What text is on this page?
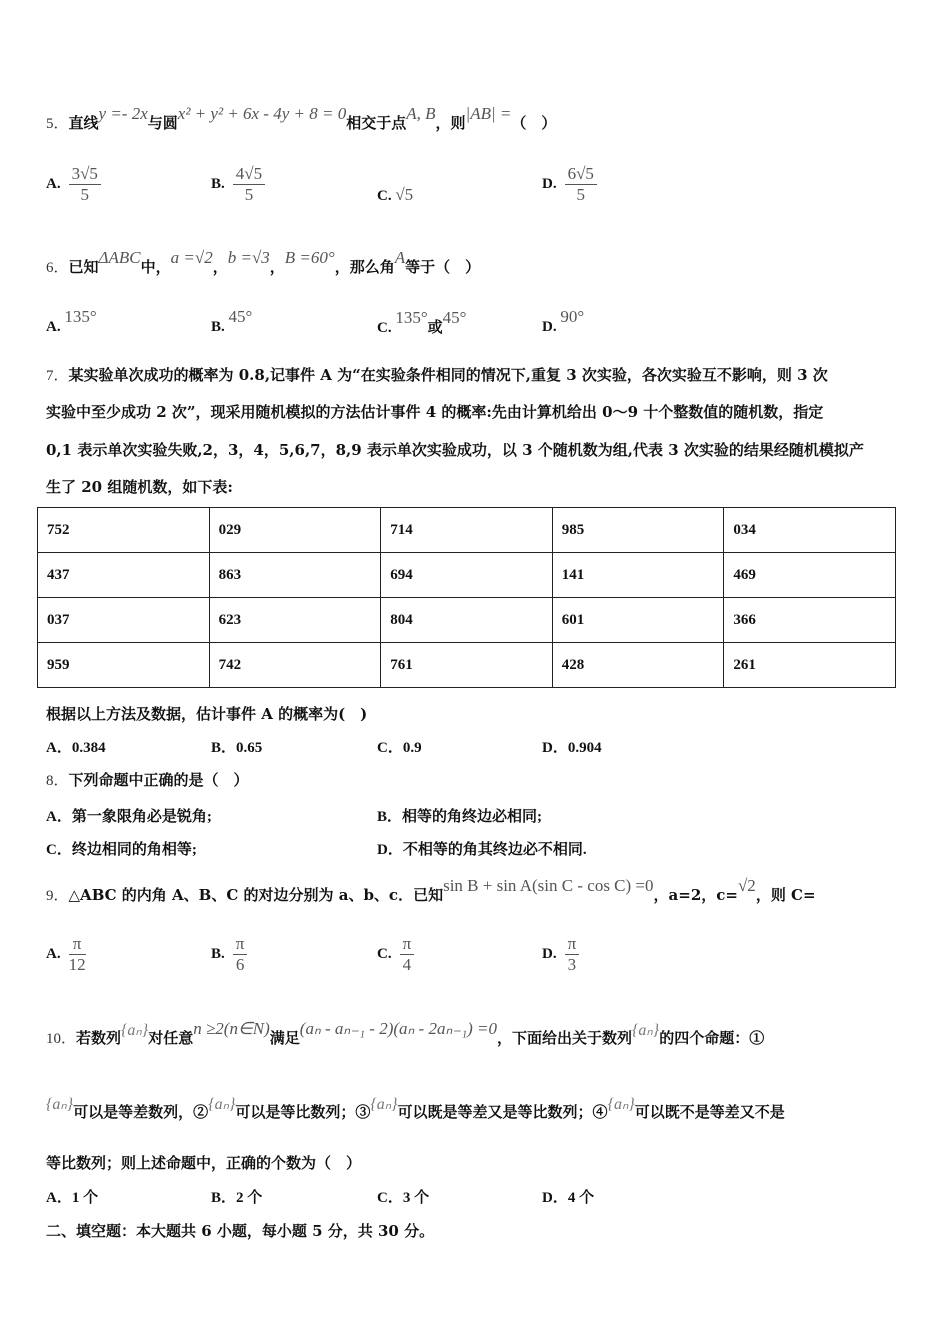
5．直线y =- 2x与圆x² + y² + 6x - 4y + 8 = 0相交于点A, B，则|AB| =（　）
A. $\frac{3√5}{5}$	B. $\frac{4√5}{5}$	C. √5
D. $\frac{6√5}{5}$
6．已知ΔABC中，a =√2，b =√3，B =60°，那么角A等于（　）
A. 135°
B. 45°
C. 135°或45°	D. 90°
7．某实验单次成功的概率为 0.8,记事件 A 为“在实验条件相同的情况下,重复 3 次实验，各次实验互不影响，则 3 次
实验中至少成功 2 次”，现采用随机模拟的方法估计事件 4 的概率:先由计算机给出 0～9 十个整数值的随机数，指定
0,1 表示单次实验失败,2，3，4，5,6,7，8,9 表示单次实验成功，以 3 个随机数为组,代表 3 次实验的结果经随机模拟产
生了 20 组随机数，如下表:
752	029	714	985	034
437	863	694	141	469
037	623	804	601	366
959	742	761	428	261
根据以上方法及数据，估计事件 A 的概率为(　)
A．0.384	B．0.65	C．0.9	D．0.904
8．下列命题中正确的是（　）
A．第一象限角必是锐角;	B．相等的角终边必相同;
C．终边相同的角相等;	D．不相等的角其终边必不相同.
9．△ABC 的内角 A、B、C 的对边分别为 a、b、c．已知sin B + sin A(sin C - cos C) =0，a=2，c=√2，则 C=
A. $\frac{\pi}{12}$	B. $\frac{\pi}{6}$	C. $\frac{\pi}{4}$	D. $\frac{\pi}{3}$
10．若数列{aₙ}对任意n ≥2(n∈N)满足(aₙ - aₙ₋₁ - 2)(aₙ - 2aₙ₋₁) =0，下面给出关于数列{aₙ}的四个命题：①
{aₙ}可以是等差数列，②{aₙ}可以是等比数列；③{aₙ}可以既是等差又是等比数列；④{aₙ}可以既不是等差又不是
等比数列；则上述命题中，正确的个数为（　）
A．1 个	B．2 个	C．3 个	D．4 个
二、填空题：本大题共 6 小题，每小题 5 分，共 30 分。
